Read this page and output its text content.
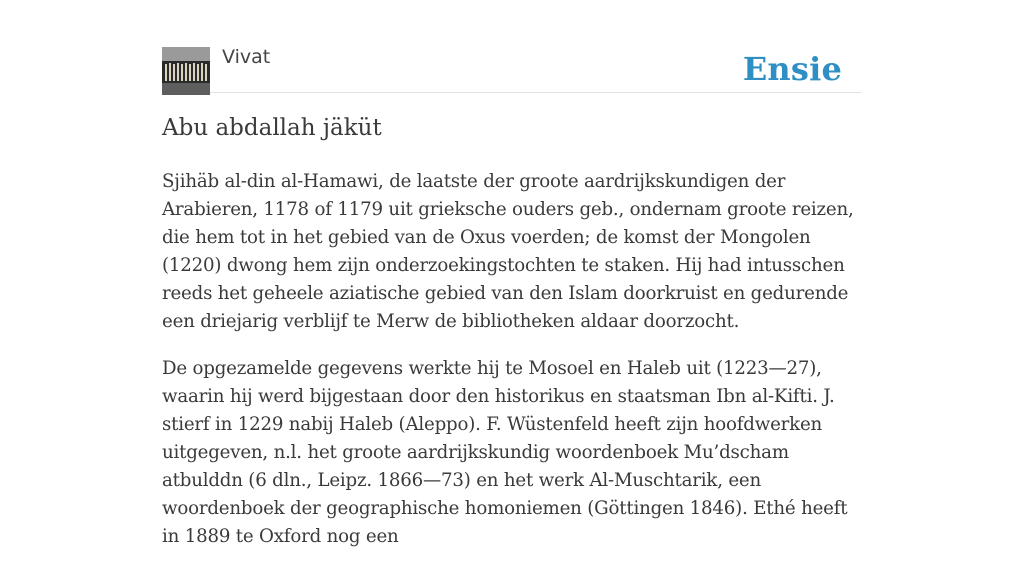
Vivat	Ensie
Abu abdallah jäküt

Sjihäb al-din al-Hamawi, de laatste der groote aardrijkskundigen der Arabieren, 1178 of 1179 uit grieksche ouders geb., ondernam groote reizen, die hem tot in het gebied van de Oxus voerden; de komst der Mongolen (1220) dwong hem zijn onderzoekingstochten te staken. Hij had intusschen reeds het geheele aziatische gebied van den Islam doorkruist en gedurende een driejarig verblijf te Merw de bibliotheken aldaar doorzocht.

De opgezamelde gegevens werkte hij te Mosoel en Haleb uit (1223—27), waarin hij werd bijgestaan door den historikus en staatsman Ibn al-Kifti. J. stierf in 1229 nabij Haleb (Aleppo). F. Wüstenfeld heeft zijn hoofdwerken uitgegeven, n.l. het groote aardrijkskundig woordenboek Mu’dscham atbulddn (6 dln., Leipz. 1866—73) en het werk Al-Muschtarik, een woordenboek der geographische homoniemen (Göttingen 1846). Ethé heeft in 1889 te Oxford nog een
